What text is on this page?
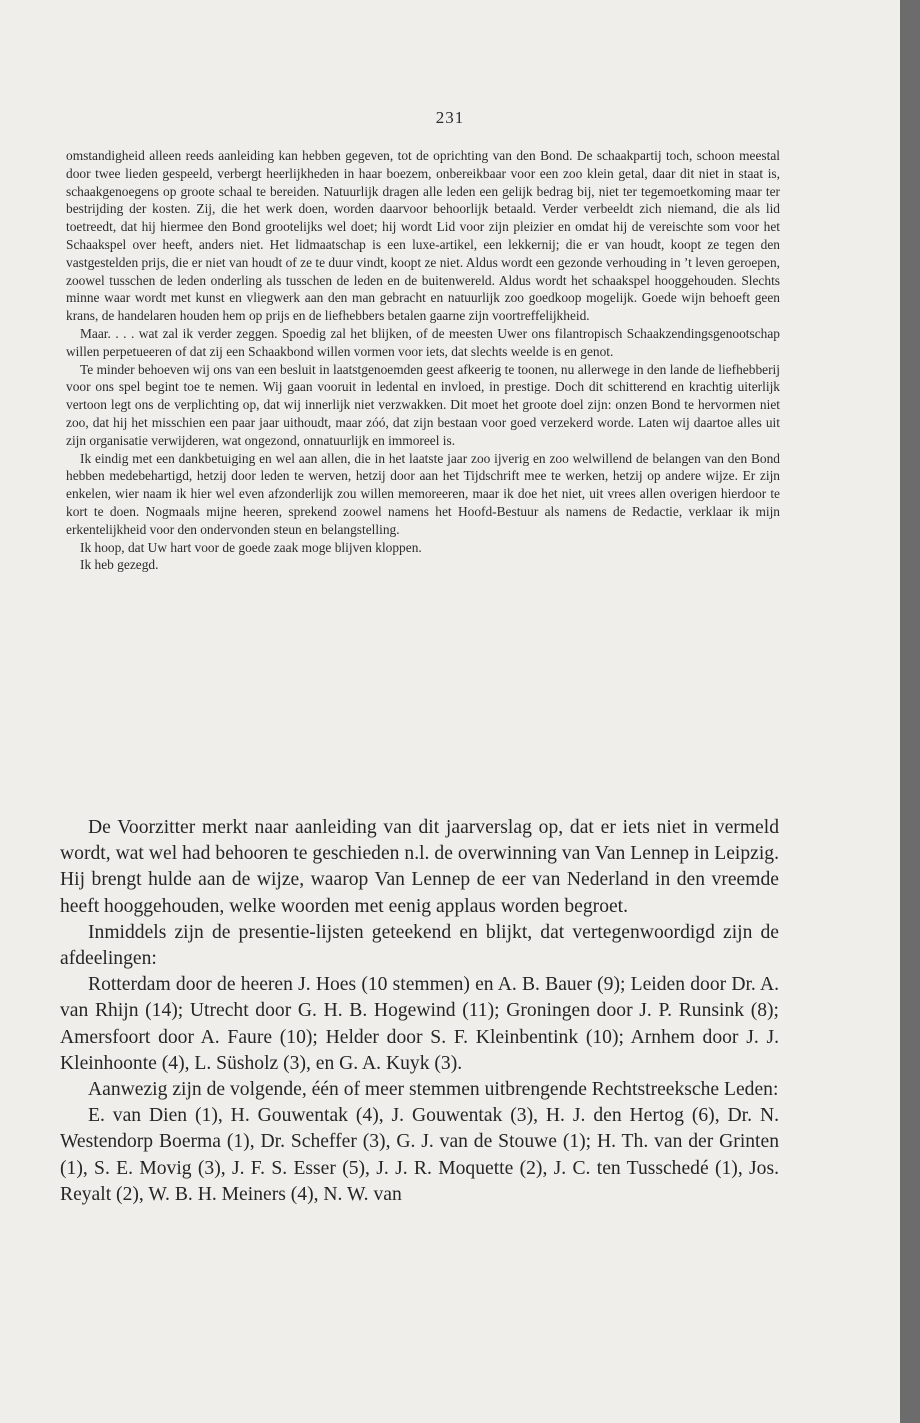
231

omstandigheid alleen reeds aanleiding kan hebben gegeven, tot de oprichting van den Bond. De schaakpartij toch, schoon meestal door twee lieden gespeeld, verbergt heerlijkheden in haar boezem, onbereikbaar voor een zoo klein getal, daar dit niet in staat is, schaakgenoegens op groote schaal te bereiden. Natuurlijk dragen alle leden een gelijk bedrag bij, niet ter tegemoetkoming maar ter bestrijding der kosten. Zij, die het werk doen, worden daarvoor behoorlijk betaald. Verder verbeeldt zich niemand, die als lid toetreedt, dat hij hiermee den Bond grootelijks wel doet; hij wordt Lid voor zijn pleizier en omdat hij de vereischte som voor het Schaakspel over heeft, anders niet. Het lidmaatschap is een luxe-artikel, een lekkernij; die er van houdt, koopt ze tegen den vastgestelden prijs, die er niet van houdt of ze te duur vindt, koopt ze niet. Aldus wordt een gezonde verhouding in ’t leven geroepen, zoowel tusschen de leden onderling als tusschen de leden en de buitenwereld. Aldus wordt het schaakspel hooggehouden. Slechts minne waar wordt met kunst en vliegwerk aan den man gebracht en natuurlijk zoo goedkoop mogelijk. Goede wijn behoeft geen krans, de handelaren houden hem op prijs en de liefhebbers betalen gaarne zijn voortreffelijkheid.

Maar. . . . wat zal ik verder zeggen. Spoedig zal het blijken, of de meesten Uwer ons filantropisch Schaakzendingsgenootschap willen perpetueeren of dat zij een Schaakbond willen vormen voor iets, dat slechts weelde is en genot.

Te minder behoeven wij ons van een besluit in laatstgenoemden geest afkeerig te toonen, nu allerwege in den lande de liefhebberij voor ons spel begint toe te nemen. Wij gaan vooruit in ledental en invloed, in prestige. Doch dit schitterend en krachtig uiterlijk vertoon legt ons de verplichting op, dat wij innerlijk niet verzwakken. Dit moet het groote doel zijn: onzen Bond te hervormen niet zoo, dat hij het misschien een paar jaar uithoudt, maar zóó, dat zijn bestaan voor goed verzekerd worde. Laten wij daartoe alles uit zijn organisatie verwijderen, wat ongezond, onnatuurlijk en immoreel is.

Ik eindig met een dankbetuiging en wel aan allen, die in het laatste jaar zoo ijverig en zoo welwillend de belangen van den Bond hebben medebehartigd, hetzij door leden te werven, hetzij door aan het Tijdschrift mee te werken, hetzij op andere wijze. Er zijn enkelen, wier naam ik hier wel even afzonderlijk zou willen memoreeren, maar ik doe het niet, uit vrees allen overigen hierdoor te kort te doen. Nogmaals mijne heeren, sprekend zoowel namens het Hoofd-Bestuur als namens de Redactie, verklaar ik mijn erkentelijkheid voor den ondervonden steun en belangstelling.

Ik hoop, dat Uw hart voor de goede zaak moge blijven kloppen.

Ik heb gezegd.

De Voorzitter merkt naar aanleiding van dit jaarverslag op, dat er iets niet in vermeld wordt, wat wel had behooren te geschieden n.l. de overwinning van Van Lennep in Leipzig. Hij brengt hulde aan de wijze, waarop Van Lennep de eer van Nederland in den vreemde heeft hooggehouden, welke woorden met eenig applaus worden begroet.

Inmiddels zijn de presentie-lijsten geteekend en blijkt, dat vertegenwoordigd zijn de afdeelingen:

Rotterdam door de heeren J. Hoes (10 stemmen) en A. B. Bauer (9); Leiden door Dr. A. van Rhijn (14); Utrecht door G. H. B. Hogewind (11); Groningen door J. P. Runsink (8); Amersfoort door A. Faure (10); Helder door S. F. Kleinbentink (10); Arnhem door J. J. Kleinhoonte (4), L. Süsholz (3), en G. A. Kuyk (3).

Aanwezig zijn de volgende, één of meer stemmen uitbrengende Rechtstreeksche Leden:

E. van Dien (1), H. Gouwentak (4), J. Gouwentak (3), H. J. den Hertog (6), Dr. N. Westendorp Boerma (1), Dr. Scheffer (3), G. J. van de Stouwe (1); H. Th. van der Grinten (1), S. E. Movig (3), J. F. S. Esser (5), J. J. R. Moquette (2), J. C. ten Tusschedé (1), Jos. Reyalt (2), W. B. H. Meiners (4), N. W. van
